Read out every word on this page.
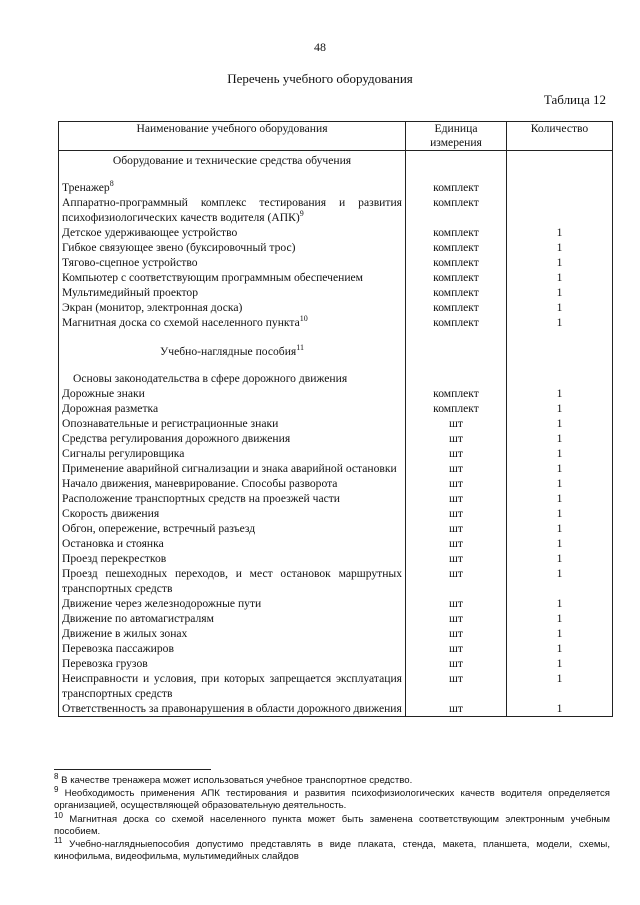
48
Перечень учебного оборудования
Таблица 12
Наименование учебного оборудования	Единица измерения	Количество
Оборудование и технические средства обучения		

Тренажер$^8$	комплект	
Аппаратно-программный комплекс тестирования и развития психофизиологических качеств водителя (АПК)$^9$	комплект	
Детское удерживающее устройство	комплект	1
Гибкое связующее звено (буксировочный трос)	комплект	1
Тягово-сцепное устройство	комплект	1
Компьютер с соответствующим программным обеспечением	комплект	1
Мультимедийный проектор	комплект	1
Экран (монитор, электронная доска)	комплект	1
Магнитная доска со схемой населенного пункта$^{10}$	комплект	1

Учебно-наглядные пособия$^{11}$		

Основы законодательства в сфере дорожного движения		
Дорожные знаки	комплект	1
Дорожная разметка	комплект	1
Опознавательные и регистрационные знаки	шт	1
Средства регулирования дорожного движения	шт	1
Сигналы регулировщика	шт	1
Применение аварийной сигнализации и знака аварийной остановки	шт	1
Начало движения, маневрирование. Способы разворота	шт	1
Расположение транспортных средств на проезжей части	шт	1
Скорость движения	шт	1
Обгон, опережение, встречный разъезд	шт	1
Остановка и стоянка	шт	1
Проезд перекрестков	шт	1
Проезд пешеходных переходов, и мест остановок маршрутных транспортных средств	шт	1
Движение через железнодорожные пути	шт	1
Движение по автомагистралям	шт	1
Движение в жилых зонах	шт	1
Перевозка пассажиров	шт	1
Перевозка грузов	шт	1
Неисправности и условия, при которых запрещается эксплуатация транспортных средств	шт	1
Ответственность за правонарушения в области дорожного движения	шт	1
$^8$ В качестве тренажера может использоваться учебное транспортное средство.
$^9$ Необходимость применения АПК тестирования и развития психофизиологических качеств водителя определяется организацией, осуществляющей образовательную деятельность.
$^{10}$ Магнитная доска со схемой населенного пункта может быть заменена соответствующим электронным учебным пособием.
$^{11}$ Учебно-наглядныепособия допустимо представлять в виде плаката, стенда, макета, планшета, модели, схемы, кинофильма, видеофильма, мультимедийных слайдов
